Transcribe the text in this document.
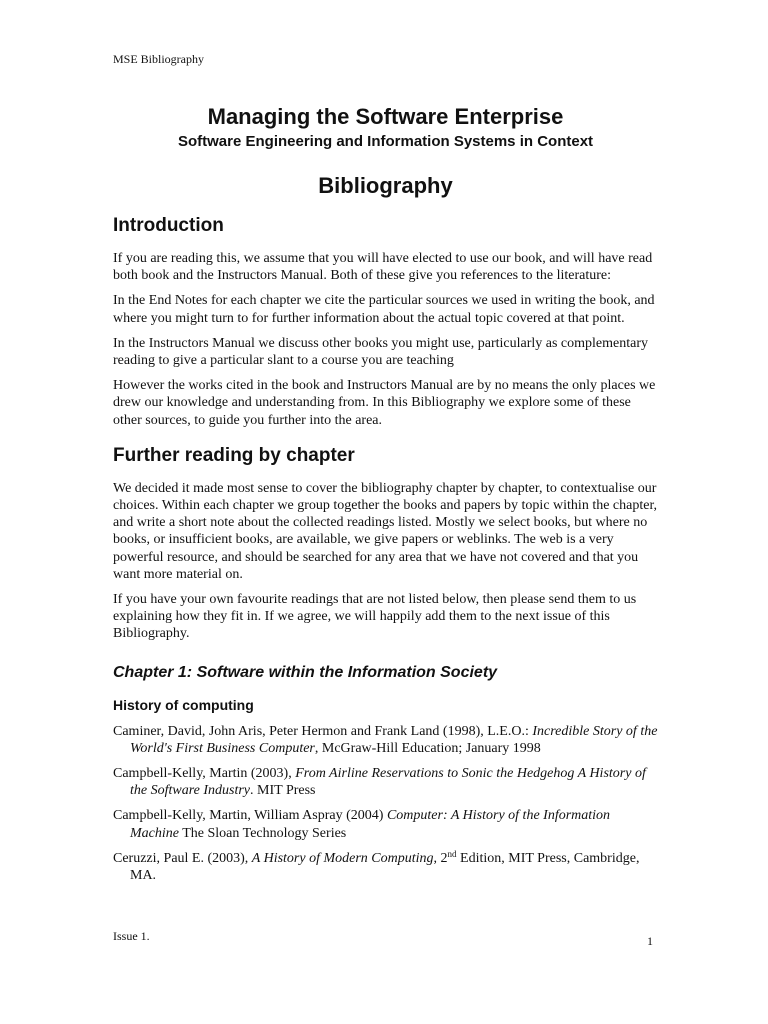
MSE Bibliography
Managing the Software Enterprise
Software Engineering and Information Systems in Context
Bibliography
Introduction

If you are reading this, we assume that you will have elected to use our book, and will have read both book and the Instructors Manual. Both of these give you references to the literature:

In the End Notes for each chapter we cite the particular sources we used in writing the book, and where you might turn to for further information about the actual topic covered at that point.

In the Instructors Manual we discuss other books you might use, particularly as complementary reading to give a particular slant to a course you are teaching

However the works cited in the book and Instructors Manual are by no means the only places we drew our knowledge and understanding from. In this Bibliography we explore some of these other sources, to guide you further into the area.

Further reading by chapter

We decided it made most sense to cover the bibliography chapter by chapter, to contextualise our choices. Within each chapter we group together the books and papers by topic within the chapter, and write a short note about the collected readings listed. Mostly we select books, but where no books, or insufficient books, are available, we give papers or weblinks. The web is a very powerful resource, and should be searched for any area that we have not covered and that you want more material on.

If you have your own favourite readings that are not listed below, then please send them to us explaining how they fit in. If we agree, we will happily add them to the next issue of this Bibliography.

Chapter 1: Software within the Information Society
History of computing

Caminer, David, John Aris, Peter Hermon and Frank Land (1998), L.E.O.: Incredible Story of the World's First Business Computer, McGraw-Hill Education; January 1998

Campbell-Kelly, Martin (2003), From Airline Reservations to Sonic the Hedgehog A History of the Software Industry. MIT Press

Campbell-Kelly, Martin, William Aspray (2004) Computer: A History of the Information Machine The Sloan Technology Series

Ceruzzi, Paul E. (2003), A History of Modern Computing, 2nd Edition, MIT Press, Cambridge, MA.

Issue 1.	1
